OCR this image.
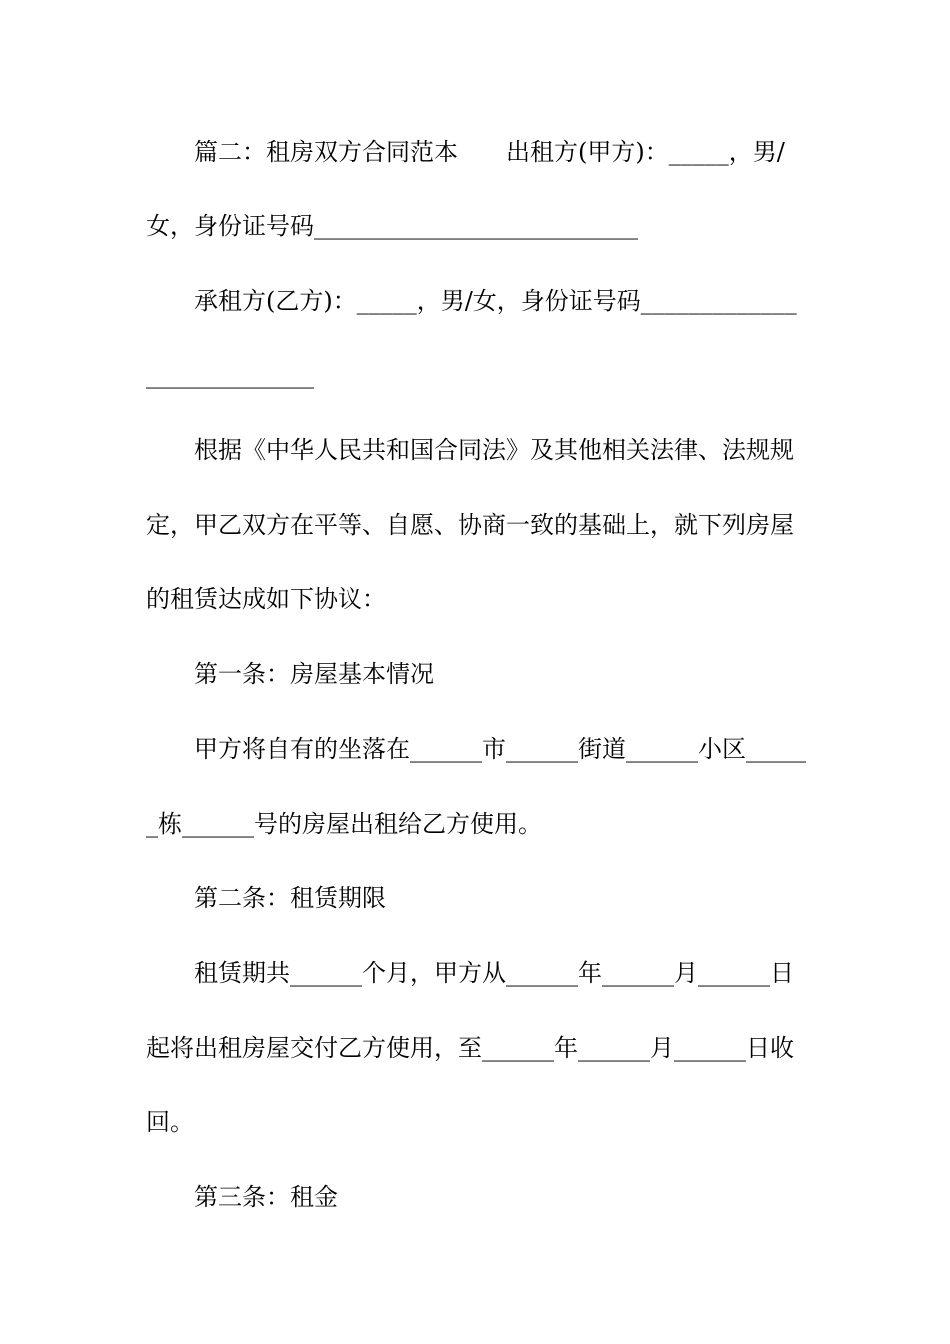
篇二：租房双方合同范本　　出租方(甲方)：_____，男/
女，身份证号码___________________________
承租方(乙方)：_____，男/女，身份证号码_____________
______________
根据《中华人民共和国合同法》及其他相关法律、法规规
定，甲乙双方在平等、自愿、协商一致的基础上，就下列房屋
的租赁达成如下协议：
第一条：房屋基本情况
甲方将自有的坐落在______市______街道______小区_____
_栋______号的房屋出租给乙方使用。
第二条：租赁期限
租赁期共______个月，甲方从______年______月______日
起将出租房屋交付乙方使用，至______年______月______日收
回。
第三条：租金
